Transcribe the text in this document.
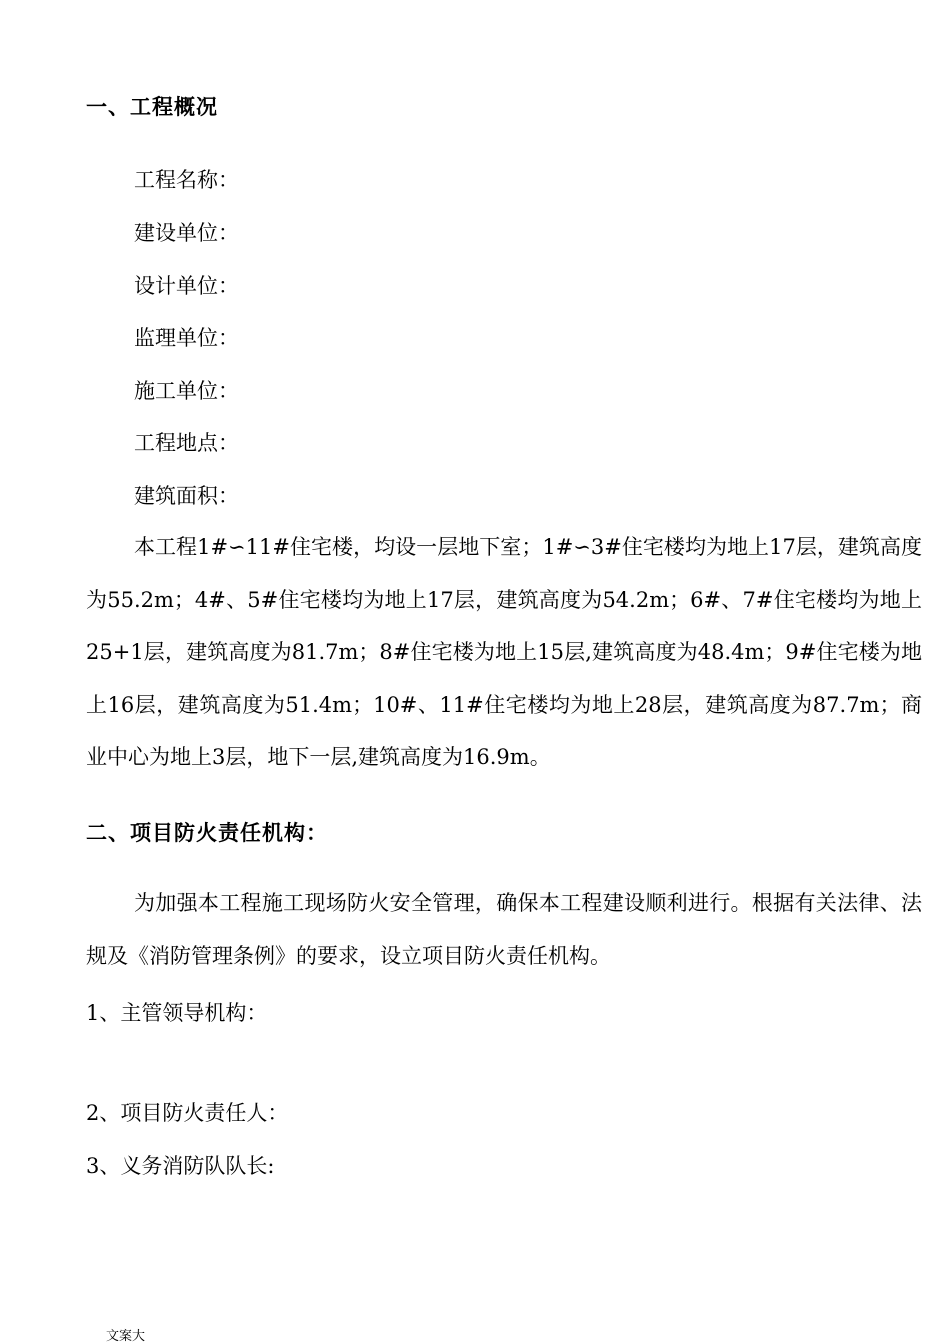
一、工程概况
工程名称：
建设单位：
设计单位：
监理单位：
施工单位：
工程地点：
建筑面积：
本工程1#∽11#住宅楼，均设一层地下室；1#∽3#住宅楼均为地上17层，建筑高度为55.2m；4#、5#住宅楼均为地上17层，建筑高度为54.2m；6#、7#住宅楼均为地上25+1层，建筑高度为81.7m；8#住宅楼为地上15层,建筑高度为48.4m；9#住宅楼为地上16层，建筑高度为51.4m；10#、11#住宅楼均为地上28层，建筑高度为87.7m；商业中心为地上3层，地下一层,建筑高度为16.9m。
二、项目防火责任机构：
为加强本工程施工现场防火安全管理，确保本工程建设顺利进行。根据有关法律、法规及《消防管理条例》的要求，设立项目防火责任机构。
1、主管领导机构：
2、项目防火责任人：
3、义务消防队队长:
文案大
